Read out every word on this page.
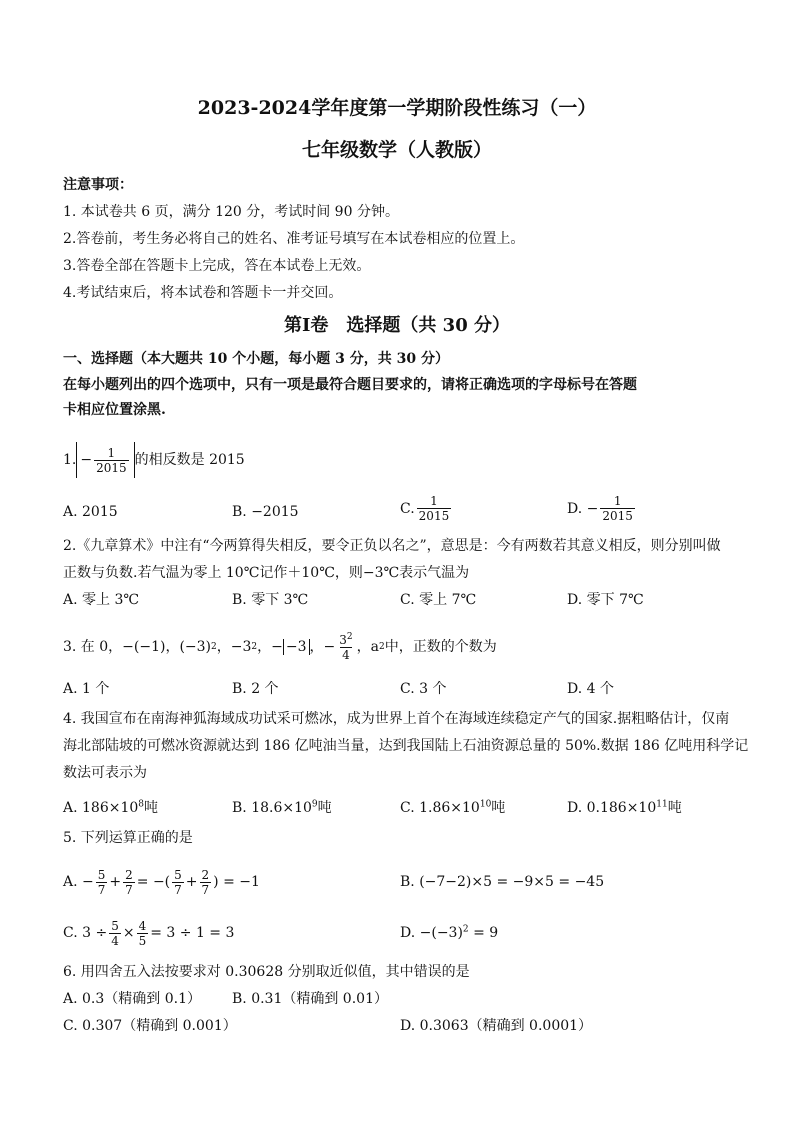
2023-2024学年度第一学期阶段性练习（一）
七年级数学（人教版）
注意事项：
1. 本试卷共 6 页，满分 120 分，考试时间 90 分钟。
2.答卷前，考生务必将自己的姓名、准考证号填写在本试卷相应的位置上。
3.答卷全部在答题卡上完成，答在本试卷上无效。
4.考试结束后，将本试卷和答题卡一并交回。
第Ⅰ卷　选择题（共 30 分）
一、选择题（本大题共 10 个小题，每小题 3 分，共 30 分）
在每小题列出的四个选项中，只有一项是最符合题目要求的，请将正确选项的字母标号在答题
卡相应位置涂黑.
1. − $\frac{1}{2015}$ 的相反数是 2015
A. 2015	B. −2015	C. $\frac{1}{2015}$	D. − $\frac{1}{2015}$
2.《九章算术》中注有“今两算得失相反，要令正负以名之”，意思是：今有两数若其意义相反，则分别叫做
正数与负数.若气温为零上 10℃记作＋10℃，则−3℃表示气温为
A. 零上 3℃	B. 零下 3℃	C. 零上 7℃	D. 零下 7℃
3. 在 0，−(−1)，(−3) 2 ，−3 2 ，− −3 ，− $\frac{3^2}{4}$ ，a 2 中，正数的个数为
A. 1 个	B. 2 个	C. 3 个	D. 4 个
4. 我国宣布在南海神狐海域成功试采可燃冰，成为世界上首个在海域连续稳定产气的国家.据粗略估计，仅南
海北部陆坡的可燃冰资源就达到 186 亿吨油当量，达到我国陆上石油资源总量的 50%.数据 186 亿吨用科学记
数法可表示为
A. $186\times 10^8$吨	B. $18.6\times 10^9$吨	C. $1.86\times 10^{10}$吨	D. $0.186\times 10^{11}$吨
5. 下列运算正确的是
A. − $\frac{5}{7} + \frac{2}{7}$ = −( $\frac{5}{7} + \frac{2}{7}$ ) = −1	B. (−7−2)×5 = −9×5 = −45
C. $3 \div \frac{5}{4} \times \frac{4}{5} = 3 \div 1 = 3$	D. $-(-3)^2 = 9$
6. 用四舍五入法按要求对 0.30628 分别取近似值，其中错误的是
A. 0.3（精确到 0.1） B. 0.31（精确到 0.01）
C. 0.307（精确到 0.001）	D. 0.3063（精确到 0.0001）
